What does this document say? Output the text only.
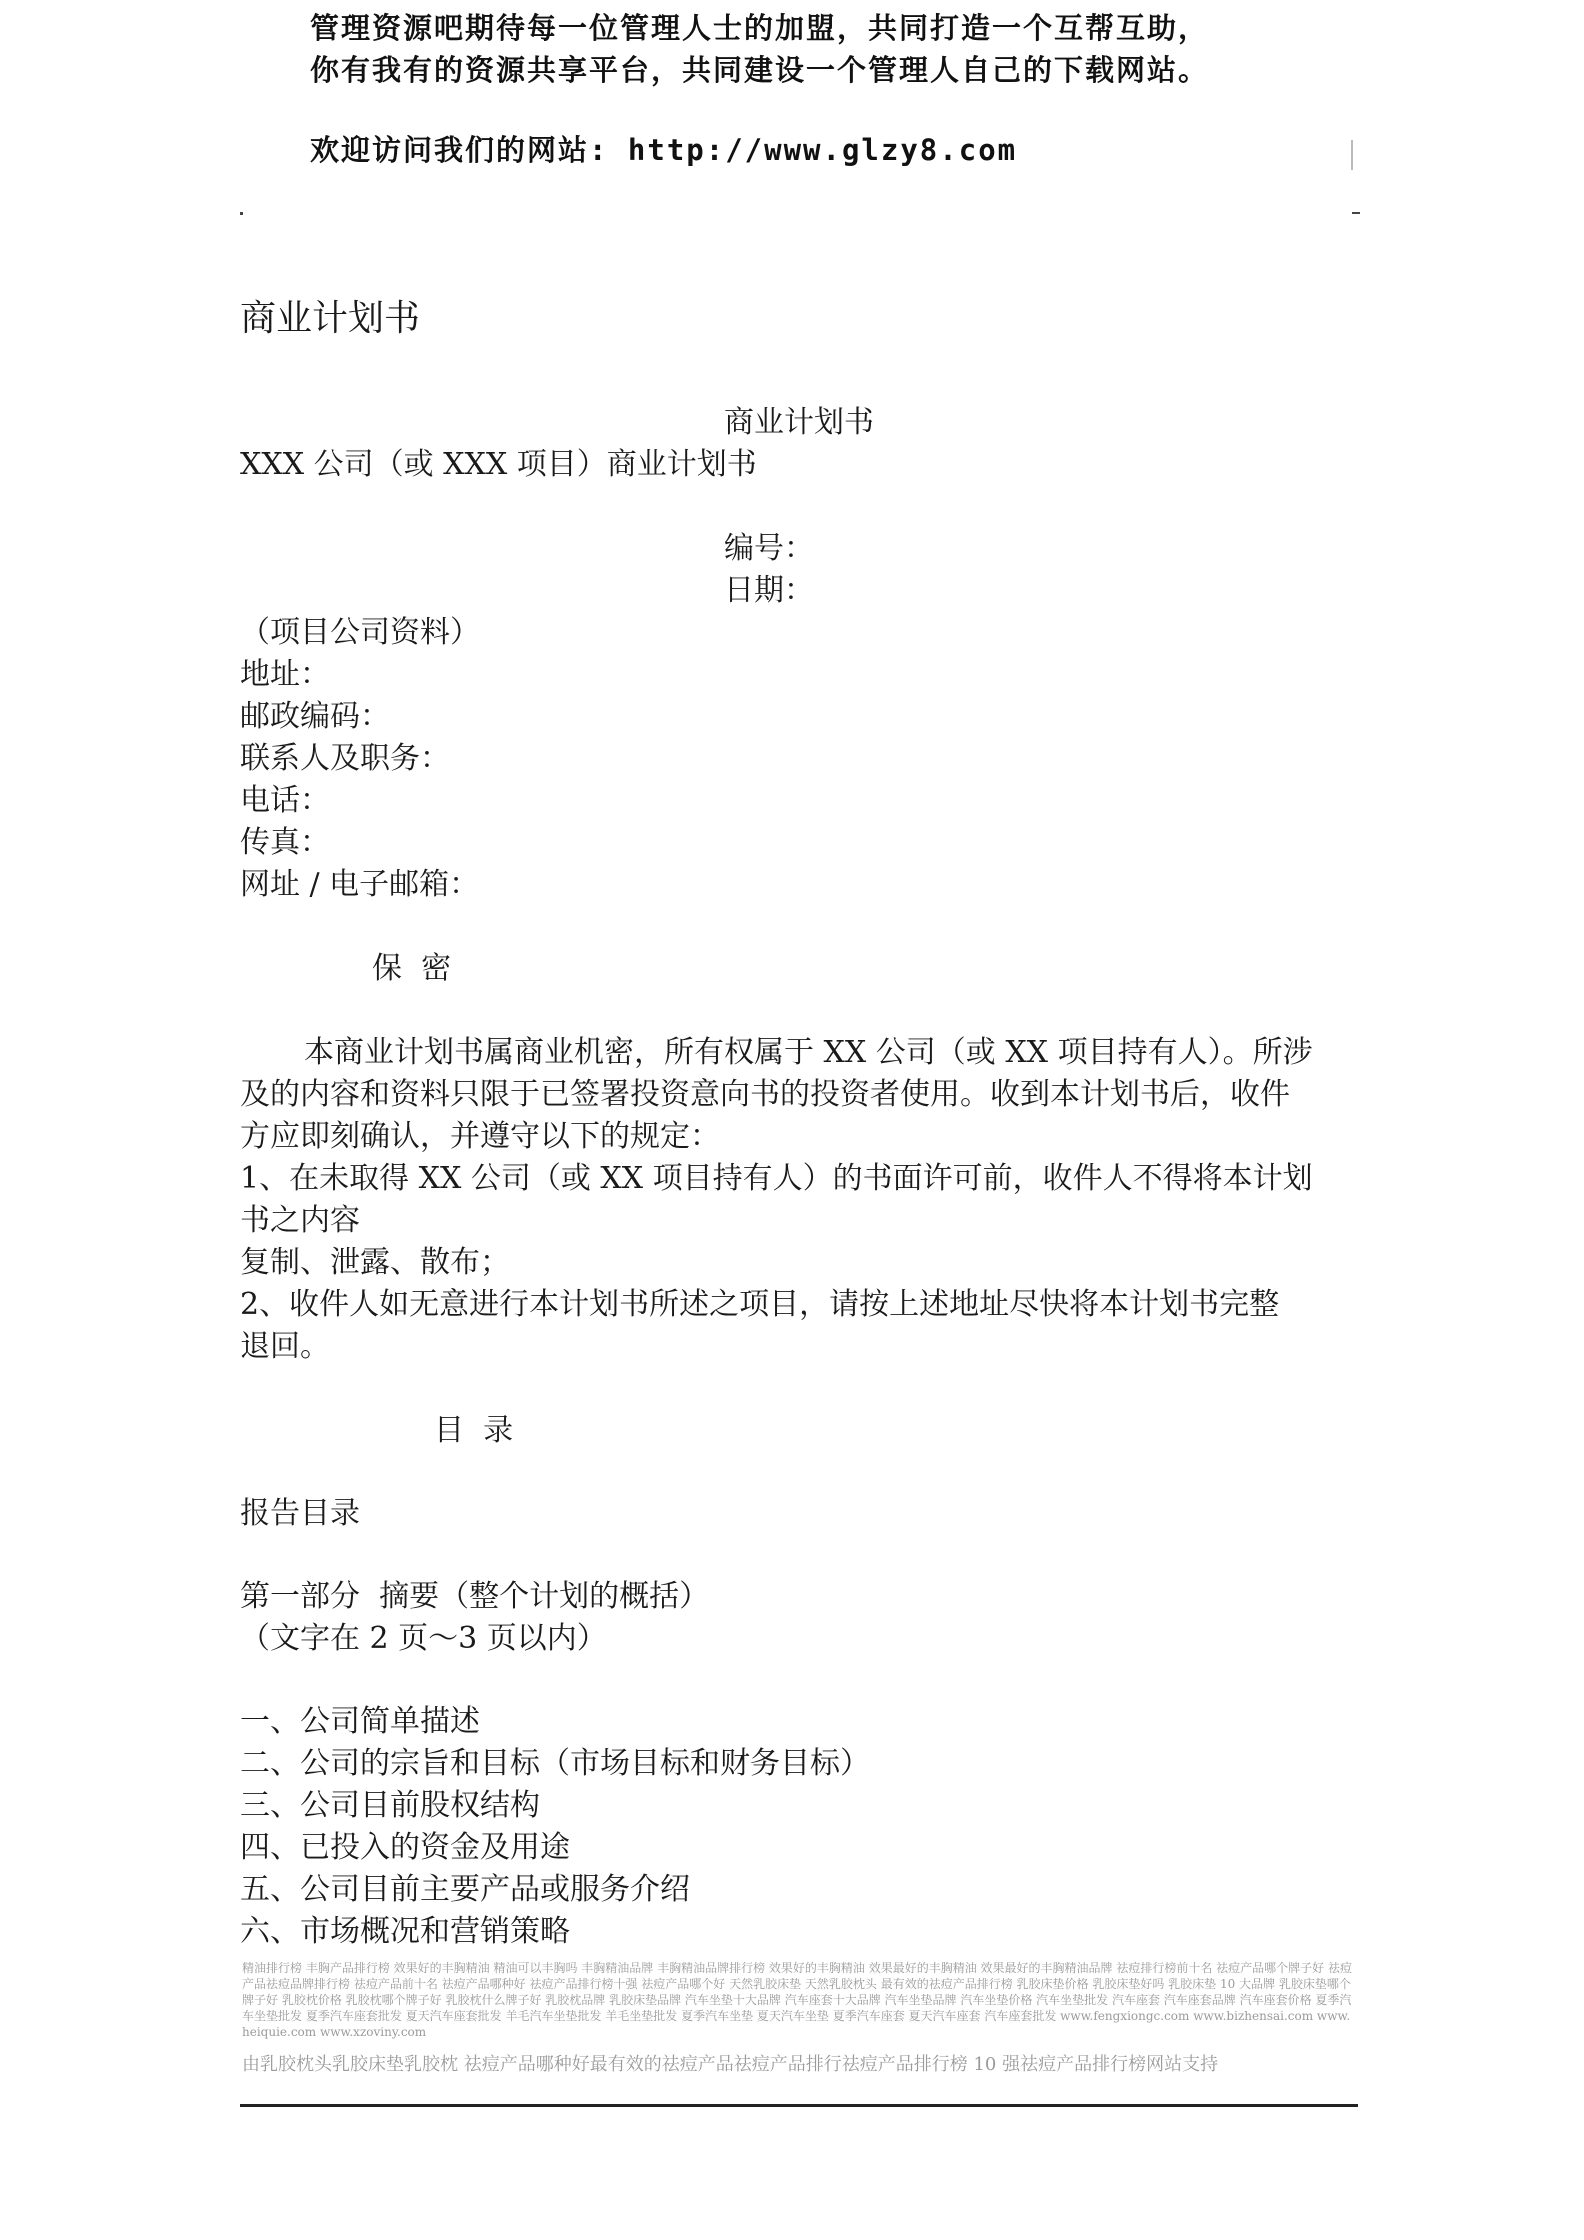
管理资源吧期待每一位管理人士的加盟，共同打造一个互帮互助，
你有我有的资源共享平台，共同建设一个管理人自己的下载网站。
欢迎访问我们的网站: http://www.glzy8.com
商业计划书
商业计划书
XXX 公司（或 XXX 项目）商业计划书
编号：
日期：
（项目公司资料）
地址：
邮政编码：
联系人及职务：
电话：
传真：
网址 / 电子邮箱：
保  密
本商业计划书属商业机密，所有权属于 XX 公司（或 XX 项目持有人）。所涉
及的内容和资料只限于已签署投资意向书的投资者使用。收到本计划书后，收件
方应即刻确认，并遵守以下的规定：
1、在未取得 XX 公司（或 XX 项目持有人）的书面许可前，收件人不得将本计划
书之内容
复制、泄露、散布；
2、收件人如无意进行本计划书所述之项目，请按上述地址尽快将本计划书完整
退回。
目  录
报告目录
第一部分  摘要（整个计划的概括）
（文字在 2 页～3 页以内）
一、公司简单描述
二、公司的宗旨和目标（市场目标和财务目标）
三、公司目前股权结构
四、已投入的资金及用途
五、公司目前主要产品或服务介绍
六、市场概况和营销策略
精油排行榜 丰胸产品排行榜 效果好的丰胸精油 精油可以丰胸吗 丰胸精油品牌 丰胸精油品牌排行榜 效果好的丰胸精油 效果最好的丰胸精油 效果最好的丰胸精油品牌 祛痘排行榜前十名 祛痘产品哪个牌子好 祛痘产品祛痘品牌排行榜 祛痘产品前十名 祛痘产品哪种好 祛痘产品排行榜十强 祛痘产品哪个好 天然乳胶床垫 天然乳胶枕头 最有效的祛痘产品排行榜 乳胶床垫价格 乳胶床垫好吗 乳胶床垫 10 大品牌 乳胶床垫哪个牌子好 乳胶枕价格 乳胶枕哪个牌子好 乳胶枕什么牌子好 乳胶枕品牌 乳胶床垫品牌 汽车坐垫十大品牌 汽车座套十大品牌 汽车坐垫品牌 汽车坐垫价格 汽车坐垫批发 汽车座套 汽车座套品牌 汽车座套价格 夏季汽车坐垫批发 夏季汽车座套批发 夏天汽车座套批发 羊毛汽车坐垫批发 羊毛坐垫批发 夏季汽车坐垫 夏天汽车坐垫 夏季汽车座套 夏天汽车座套 汽车座套批发 www.fengxiongc.com www.bizhensai.com www.heiquie.com www.xzoviny.com
由乳胶枕头乳胶床垫乳胶枕 祛痘产品哪种好最有效的祛痘产品祛痘产品排行祛痘产品排行榜 10 强祛痘产品排行榜网站支持
